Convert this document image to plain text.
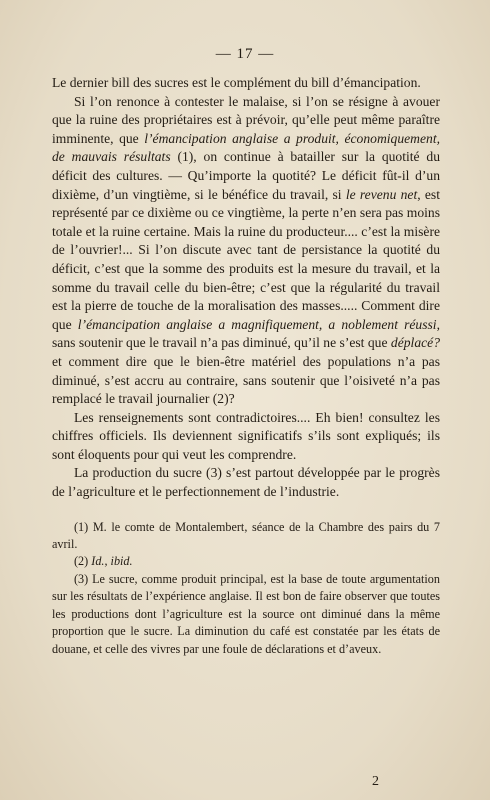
— 17 —

Le dernier bill des sucres est le complément du bill d’émancipation.

Si l’on renonce à contester le malaise, si l’on se résigne à avouer que la ruine des propriétaires est à prévoir, qu’elle peut même paraître imminente, que l’émancipation anglaise a produit, économiquement, de mauvais résultats (1), on continue à batailler sur la quotité du déficit des cultures. — Qu’importe la quotité? Le déficit fût-il d’un dixième, d’un vingtième, si le bénéfice du travail, si le revenu net, est représenté par ce dixième ou ce vingtième, la perte n’en sera pas moins totale et la ruine certaine. Mais la ruine du producteur.... c’est la misère de l’ouvrier!... Si l’on discute avec tant de persistance la quotité du déficit, c’est que la somme des produits est la mesure du travail, et la somme du travail celle du bien-être; c’est que la régularité du travail est la pierre de touche de la moralisation des masses..... Comment dire que l’émancipation anglaise a magnifiquement, a noblement réussi, sans soutenir que le travail n’a pas diminué, qu’il ne s’est que déplacé? et comment dire que le bien-être matériel des populations n’a pas diminué, s’est accru au contraire, sans soutenir que l’oisiveté n’a pas remplacé le travail journalier (2)?

Les renseignements sont contradictoires.... Eh bien! consultez les chiffres officiels. Ils deviennent significatifs s’ils sont expliqués; ils sont éloquents pour qui veut les comprendre.

La production du sucre (3) s’est partout développée par le progrès de l’agriculture et le perfectionnement de l’industrie.

(1) M. le comte de Montalembert, séance de la Chambre des pairs du 7 avril.

(2) Id., ibid.

(3) Le sucre, comme produit principal, est la base de toute argumentation sur les résultats de l’expérience anglaise. Il est bon de faire observer que toutes les productions dont l’agriculture est la source ont diminué dans la même proportion que le sucre. La diminution du café est constatée par les états de douane, et celle des vivres par une foule de déclarations et d’aveux.

2
